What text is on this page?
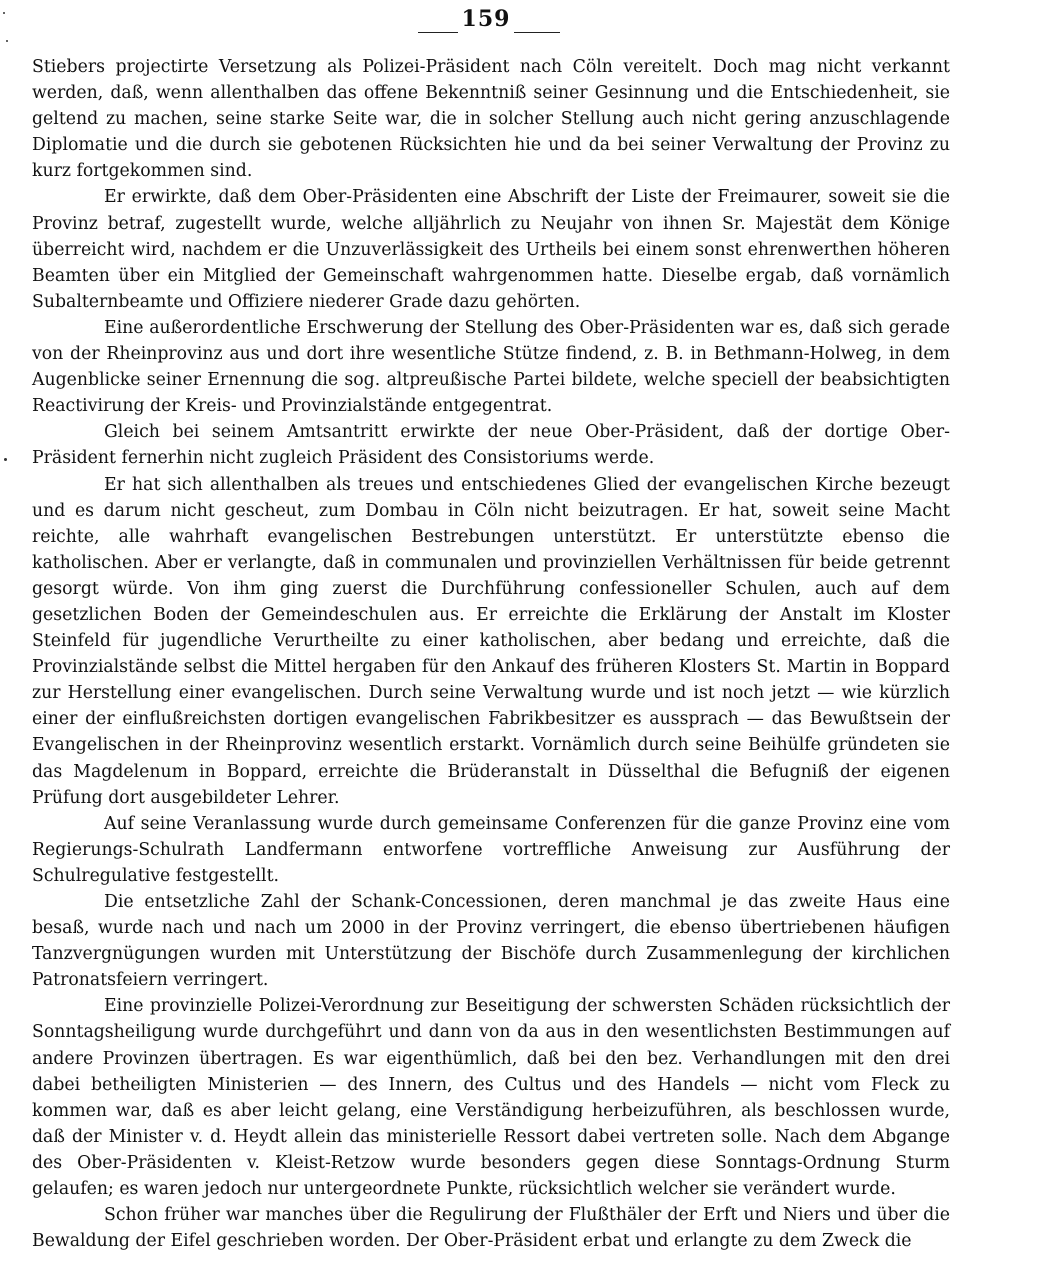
159

Stiebers projectirte Versetzung als Polizei-Präsident nach Cöln vereitelt. Doch mag nicht verkannt werden, daß, wenn allenthalben das offene Bekenntniß seiner Gesinnung und die Entschiedenheit, sie geltend zu machen, seine starke Seite war, die in solcher Stellung auch nicht gering anzuschlagende Diplomatie und die durch sie gebotenen Rücksichten hie und da bei seiner Verwaltung der Provinz zu kurz fortgekommen sind.

Er erwirkte, daß dem Ober-Präsidenten eine Abschrift der Liste der Freimaurer, soweit sie die Provinz betraf, zugestellt wurde, welche alljährlich zu Neujahr von ihnen Sr. Majestät dem Könige überreicht wird, nachdem er die Unzuverlässigkeit des Urtheils bei einem sonst ehrenwerthen höheren Beamten über ein Mitglied der Gemeinschaft wahrgenommen hatte. Dieselbe ergab, daß vornämlich Subalternbeamte und Offiziere niederer Grade dazu gehörten.

Eine außerordentliche Erschwerung der Stellung des Ober-Präsidenten war es, daß sich gerade von der Rheinprovinz aus und dort ihre wesentliche Stütze findend, z. B. in Bethmann-Holweg, in dem Augenblicke seiner Ernennung die sog. altpreußische Partei bildete, welche speciell der beabsichtigten Reactivirung der Kreis- und Provinzialstände entgegentrat.

Gleich bei seinem Amtsantritt erwirkte der neue Ober-Präsident, daß der dortige Ober-Präsident fernerhin nicht zugleich Präsident des Consistoriums werde.

Er hat sich allenthalben als treues und entschiedenes Glied der evangelischen Kirche bezeugt und es darum nicht gescheut, zum Dombau in Cöln nicht beizutragen. Er hat, soweit seine Macht reichte, alle wahrhaft evangelischen Bestrebungen unterstützt. Er unterstützte ebenso die katholischen. Aber er verlangte, daß in communalen und provinziellen Verhältnissen für beide getrennt gesorgt würde. Von ihm ging zuerst die Durchführung confessioneller Schulen, auch auf dem gesetzlichen Boden der Gemeindeschulen aus. Er erreichte die Erklärung der Anstalt im Kloster Steinfeld für jugendliche Verurtheilte zu einer katholischen, aber bedang und erreichte, daß die Provinzialstände selbst die Mittel hergaben für den Ankauf des früheren Klosters St. Martin in Boppard zur Herstellung einer evangelischen. Durch seine Verwaltung wurde und ist noch jetzt — wie kürzlich einer der einflußreichsten dortigen evangelischen Fabrikbesitzer es aussprach — das Bewußtsein der Evangelischen in der Rheinprovinz wesentlich erstarkt. Vornämlich durch seine Beihülfe gründeten sie das Magdelenum in Boppard, erreichte die Brüderanstalt in Düsselthal die Befugniß der eigenen Prüfung dort ausgebildeter Lehrer.

Auf seine Veranlassung wurde durch gemeinsame Conferenzen für die ganze Provinz eine vom Regierungs-Schulrath Landfermann entworfene vortreffliche Anweisung zur Ausführung der Schulregulative festgestellt.

Die entsetzliche Zahl der Schank-Concessionen, deren manchmal je das zweite Haus eine besaß, wurde nach und nach um 2000 in der Provinz verringert, die ebenso übertriebenen häufigen Tanzvergnügungen wurden mit Unterstützung der Bischöfe durch Zusammenlegung der kirchlichen Patronatsfeiern verringert.

Eine provinzielle Polizei-Verordnung zur Beseitigung der schwersten Schäden rücksichtlich der Sonntagsheiligung wurde durchgeführt und dann von da aus in den wesentlichsten Bestimmungen auf andere Provinzen übertragen. Es war eigenthümlich, daß bei den bez. Verhandlungen mit den drei dabei betheiligten Ministerien — des Innern, des Cultus und des Handels — nicht vom Fleck zu kommen war, daß es aber leicht gelang, eine Verständigung herbeizuführen, als beschlossen wurde, daß der Minister v. d. Heydt allein das ministerielle Ressort dabei vertreten solle. Nach dem Abgange des Ober-Präsidenten v. Kleist-Retzow wurde besonders gegen diese Sonntags-Ordnung Sturm gelaufen; es waren jedoch nur untergeordnete Punkte, rücksichtlich welcher sie verändert wurde.

Schon früher war manches über die Regulirung der Flußthäler der Erft und Niers und über die Bewaldung der Eifel geschrieben worden. Der Ober-Präsident erbat und erlangte zu dem Zweck die
